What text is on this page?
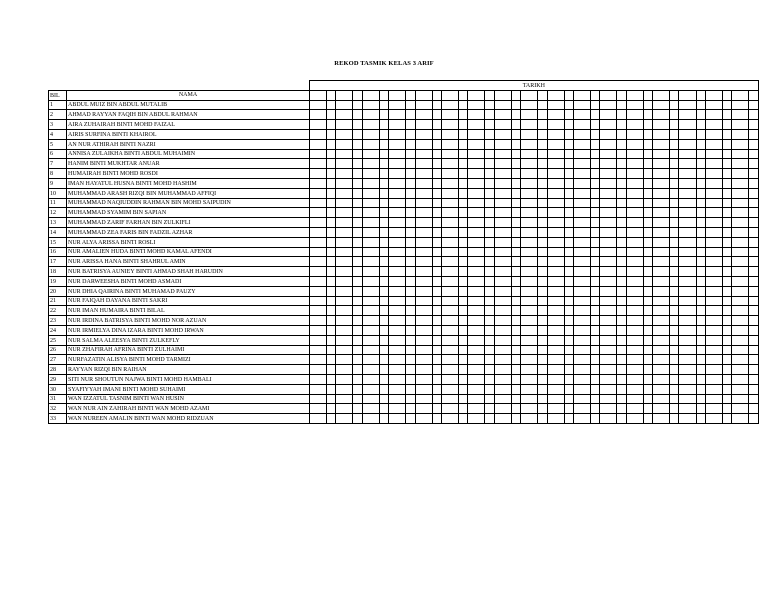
REKOD TASMIK KELAS 3 ARIF
		TARIKH																																	
BIL	NAMA																																		
1	ABDUL MUIZ BIN ABDUL MUTALIB																																		
2	AHMAD RAYYAN FAQIH BIN ABDUL RAHMAN																																		
3	AIRA ZUHAIRAH BINTI MOHD FAIZAL																																		
4	AIRIS SURFINA BINTI KHAIROL																																		
5	AN NUR ATHIRAH BINTI NAZRI																																		
6	ANNISA ZULAIKHA BINTI ABDUL MUHAIMIN																																		
7	HANIM BINTI MUKHTAR ANUAR																																		
8	HUMAIRAH BINTI MOHD ROSDI																																		
9	IMAN HAYATUL HUSNA BINTI MOHD HASHIM																																		
10	MUHAMMAD ARASH RIZQI BIN MUHAMMAD AFFIQI																																		
11	MUHAMMAD NAQIUDDIN RAHMAN BIN MOHD SAIPUDIN																																		
12	MUHAMMAD SYAMIM BIN SAPIAN																																		
13	MUHAMMAD ZARIF FARHAN BIN ZULKIFLI																																		
14	MUHAMMAD ZEA FARIS BIN FADZIL AZHAR																																		
15	NUR ALYA ARISSA BINTI ROSLI																																		
16	NUR AMALIEN HUDA BINTI MOHD KAMAL AFENDI																																		
17	NUR ARISSA HANA BINTI SHAHRUL AMIN																																		
18	NUR BATRISYA AUNIEY BINTI AHMAD SHAH HARUDIN																																		
19	NUR DARWEESHA BINTI MOHD ASMADI																																		
20	NUR DHIA QAIRINA BINTI MUHAMAD PAUZY																																		
21	NUR FAIQAH DAYANA BINTI SAKRI																																		
22	NUR IMAN HUMAIRA BINTI BILAL																																		
23	NUR IRDINA BATRISYA BINTI MOHD NOR AZUAN																																		
24	NUR IRMIELYA DINA IZARA BINTI MOHD IRWAN																																		
25	NUR SALMA ALEESYA BINTI ZULKEFLY																																		
26	NUR ZHAFIRAH AFRINA BINTI ZULHAIMI																																		
27	NURFAZATIN ALISYA BINTI MOHD TARMIZI																																		
28	RAYYAN RIZQI BIN RAIHAN																																		
29	SITI NUR SHOUTUN NAJWA BINTI MOHD HAMBALI																																		
30	SYAFIYYAH IMANI BINTI MOHD SUHAIMI																																		
31	WAN IZZATUL TASNIM BINTI WAN HUSIN																																		
32	WAN NUR AIN ZAHIRAH BINTI WAN MOHD AZAMI																																		
33	WAN NUREEN AMALIN BINTI WAN MOHD RIDZUAN																																		
